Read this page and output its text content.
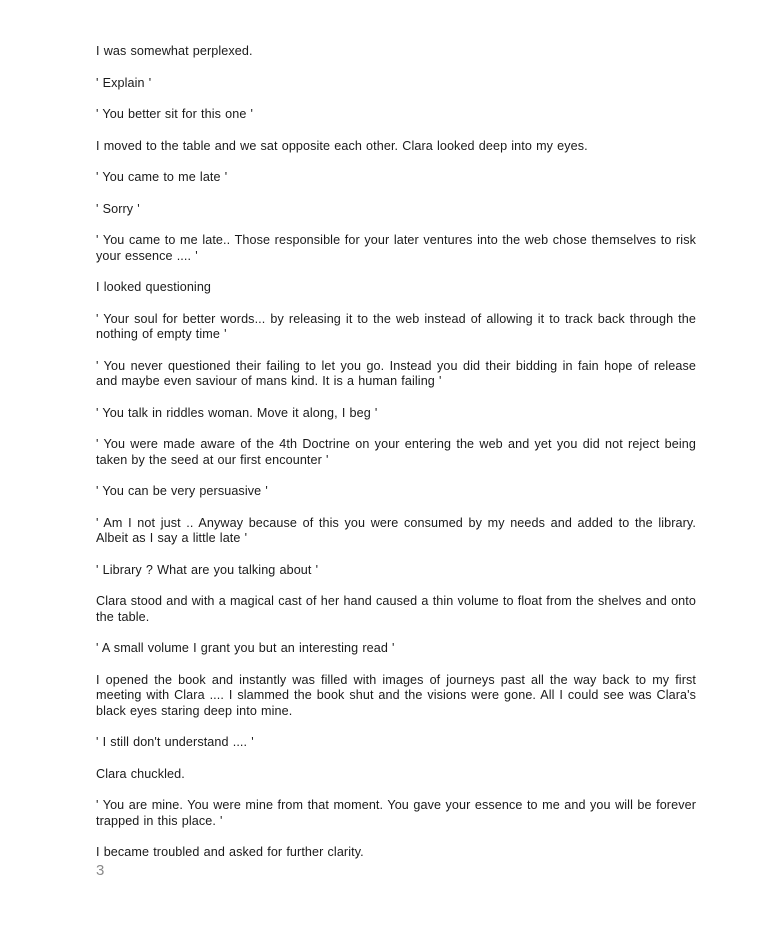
I was somewhat perplexed.

' Explain '

' You better sit for this one '

I moved to the table and we sat opposite each other. Clara looked deep into my eyes.

' You came to me late '

' Sorry '

' You came to me late.. Those responsible for your later ventures into the web chose themselves to risk your essence .... '

I looked questioning

' Your soul for better words... by releasing it to the web instead of allowing it to track back through the nothing of empty time '

' You never questioned their failing to let you go. Instead you did their bidding in fain hope of release and maybe even saviour of mans kind. It is a human failing '

' You talk in riddles woman. Move it along, I beg '

' You were made aware of the 4th Doctrine on your entering the web and yet you did not reject being taken by the seed at our first encounter '

' You can be very persuasive '

' Am I not just .. Anyway because of this you were consumed by my needs and added to the library. Albeit as I say a little late '

' Library ? What are you talking about '

Clara stood and with a magical cast of her hand caused a thin volume to float from the shelves and onto the table.

' A small volume I grant you but an interesting read '

I opened the book and instantly was filled with images of journeys past all the way back to my first meeting with Clara .... I slammed the book shut and the visions were gone. All I could see was Clara's black eyes staring deep into mine.

' I still don't understand .... '

Clara chuckled.

' You are mine. You were mine from that moment. You gave your essence to me and you will be forever trapped in this place. '

I became troubled and asked for further clarity.

3
